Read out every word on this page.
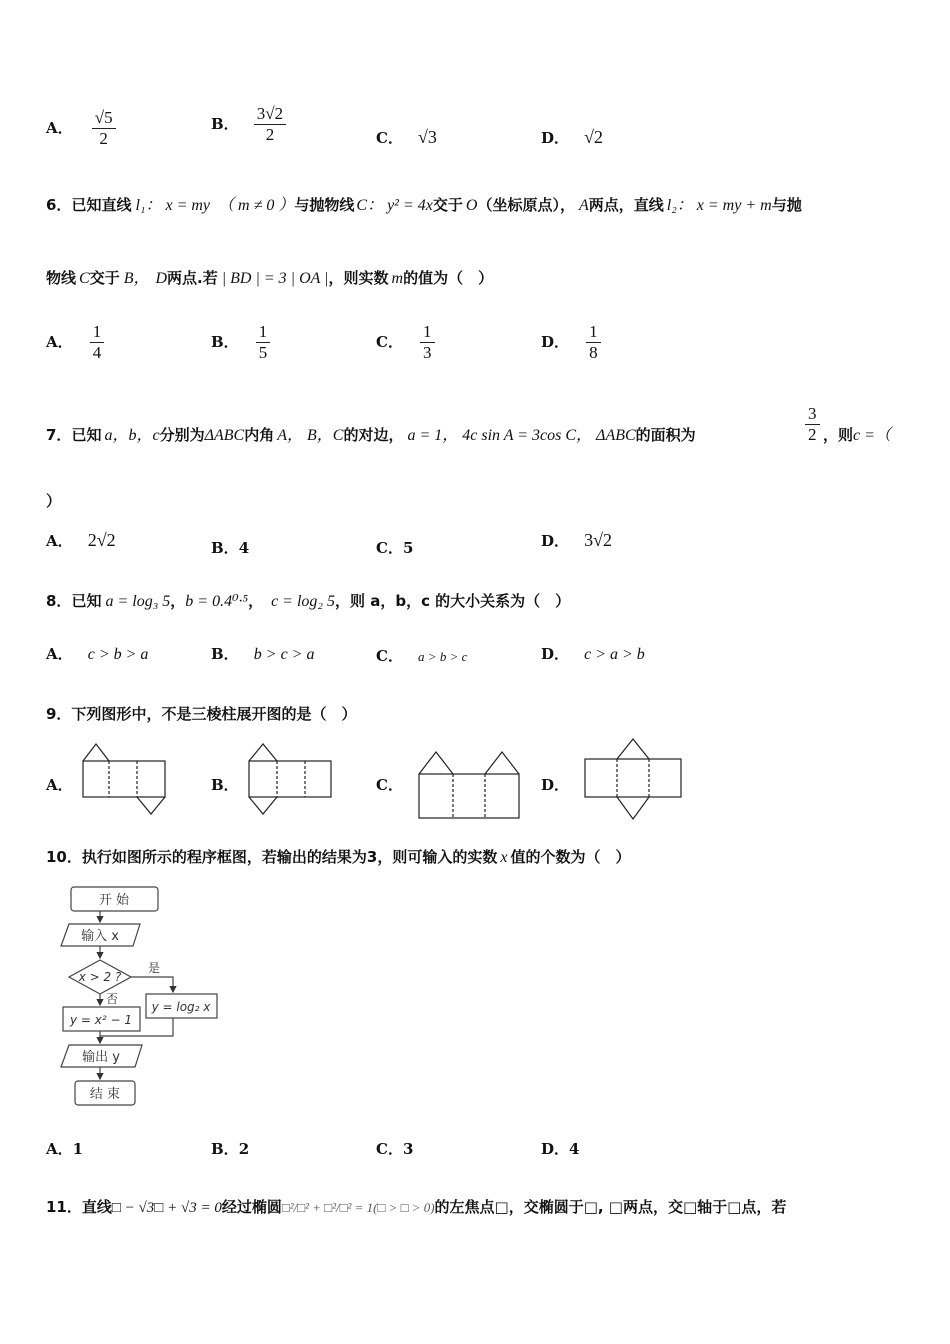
A． $\frac{√5}{2}$	B． $\frac{3√2}{2}$	C． √3	D． √2
6．已知直线 l₁： x = my （ m ≠ 0 ）与抛物线 C： y² = 4x交于 O（坐标原点）， A两点，直线 l₂： x = my + m与抛
物线 C交于 B， D两点.若 | BD | = 3 | OA |，则实数 m的值为（　）
A． $\frac{1}{4}$	B． $\frac{1}{5}$	C． $\frac{1}{3}$	D． $\frac{1}{8}$
7．已知 a，b，c分别为ΔABC内角 A， B，C的对边， a = 1， 4c sin A = 3cos C， ΔABC的面积为	$\frac{3}{2}$ ，则c =（
）
A． 2√2	B．4	C．5	D． 3√2
8．已知 a = log₃ 5，b = 0.4⁰·⁵， c = log₂ 5，则 a，b，c 的大小关系为（　）
A． c > b > a	B． b > c > a	C． a > b > c	D． c > a > b
9．下列图形中，不是三棱柱展开图的是（　）
A．	B．	C．	D．
10．执行如图所示的程序框图，若输出的结果为3，则可输入的实数 x 值的个数为（　）
开 始
输入 x
x > 2 ?
是
否
y = x² − 1
y = log₂ x
输出 y
结 束
A．1	B．2	C．3	D．4
11．直线□ − √3□ + √3 = 0经过椭圆□²/□² + □²/□² = 1(□ > □ > 0)的左焦点□，交椭圆于□, □两点，交□轴于□点，若
